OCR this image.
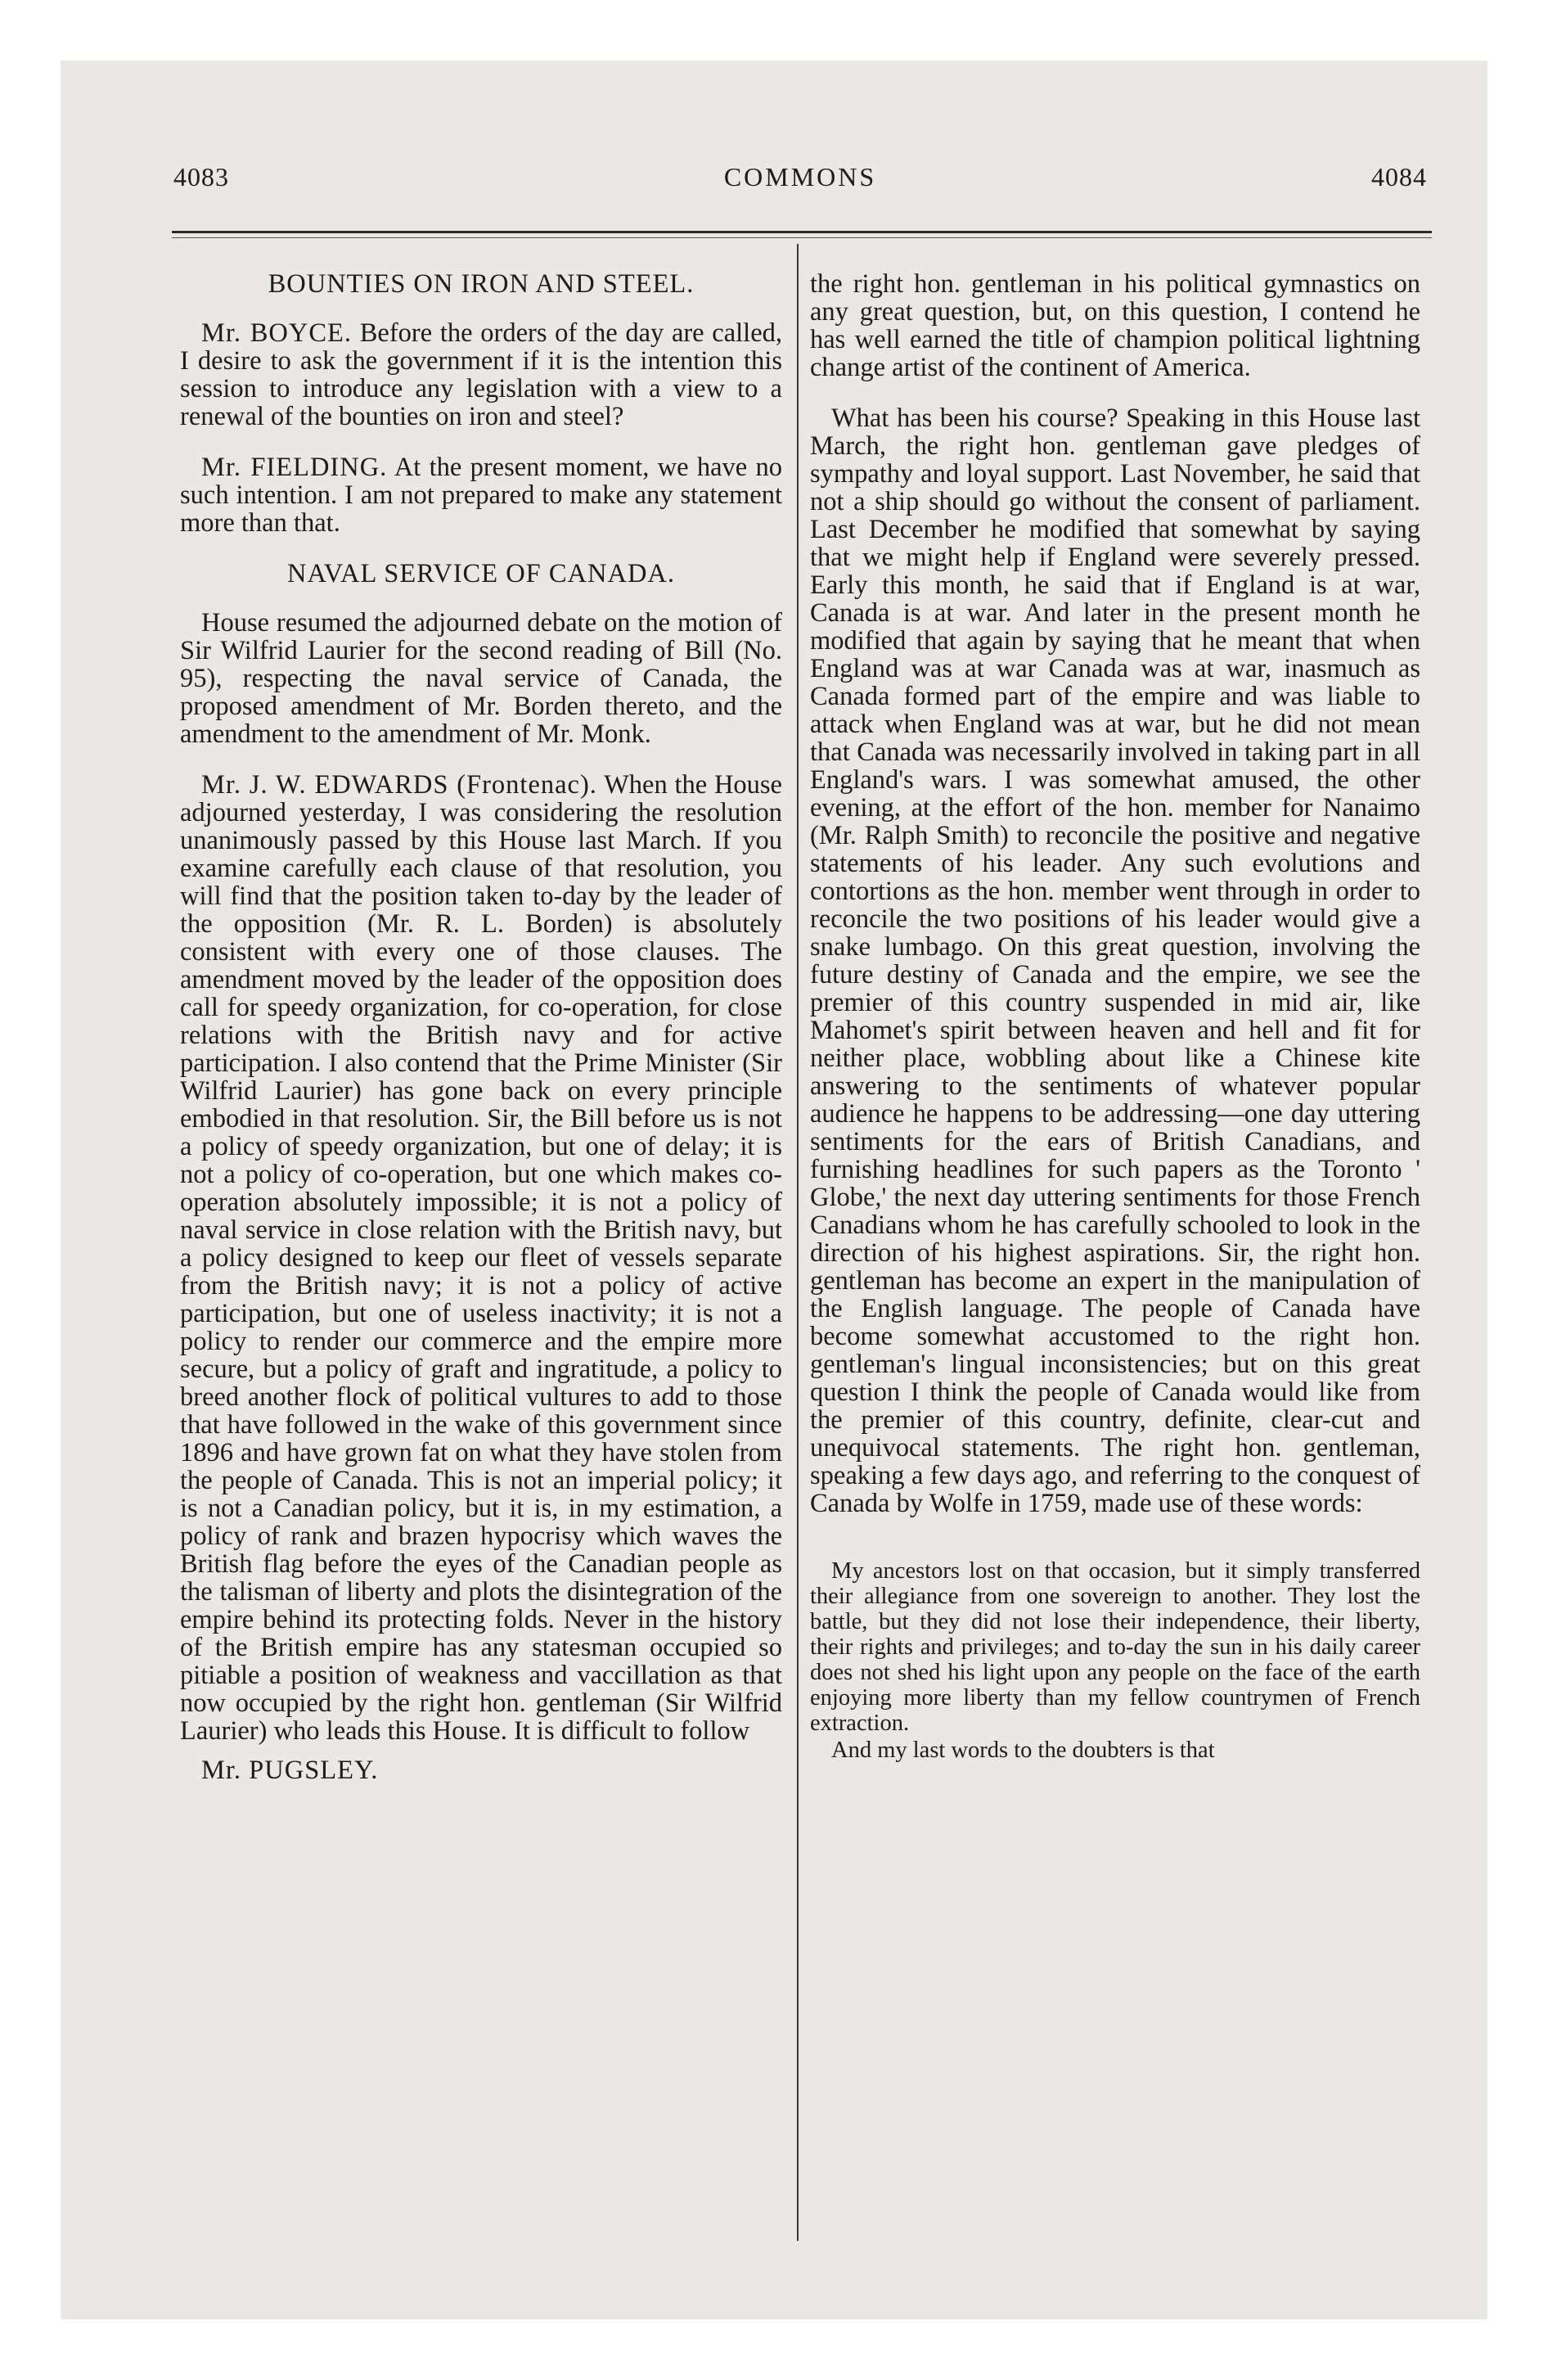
4083	COMMONS	4084
BOUNTIES ON IRON AND STEEL.

Mr. BOYCE. Before the orders of the day are called, I desire to ask the government if it is the intention this session to introduce any legislation with a view to a renewal of the bounties on iron and steel?

Mr. FIELDING. At the present moment, we have no such intention. I am not prepared to make any statement more than that.

NAVAL SERVICE OF CANADA.

House resumed the adjourned debate on the motion of Sir Wilfrid Laurier for the second reading of Bill (No. 95), respecting the naval service of Canada, the proposed amendment of Mr. Borden thereto, and the amendment to the amendment of Mr. Monk.

Mr. J. W. EDWARDS (Frontenac). When the House adjourned yesterday, I was considering the resolution unanimously passed by this House last March. If you examine carefully each clause of that resolution, you will find that the position taken to-day by the leader of the opposition (Mr. R. L. Borden) is absolutely consistent with every one of those clauses. The amendment moved by the leader of the opposition does call for speedy organization, for co-operation, for close relations with the British navy and for active participation. I also contend that the Prime Minister (Sir Wilfrid Laurier) has gone back on every principle embodied in that resolution. Sir, the Bill before us is not a policy of speedy organization, but one of delay; it is not a policy of co-operation, but one which makes co-operation absolutely impossible; it is not a policy of naval service in close relation with the British navy, but a policy designed to keep our fleet of vessels separate from the British navy; it is not a policy of active participation, but one of useless inactivity; it is not a policy to render our commerce and the empire more secure, but a policy of graft and ingratitude, a policy to breed another flock of political vultures to add to those that have followed in the wake of this government since 1896 and have grown fat on what they have stolen from the people of Canada. This is not an imperial policy; it is not a Canadian policy, but it is, in my estimation, a policy of rank and brazen hypocrisy which waves the British flag before the eyes of the Canadian people as the talisman of liberty and plots the disintegration of the empire behind its protecting folds. Never in the history of the British empire has any statesman occupied so pitiable a position of weakness and vaccillation as that now occupied by the right hon. gentleman (Sir Wilfrid Laurier) who leads this House. It is difficult to follow

Mr. PUGSLEY.

the right hon. gentleman in his political gymnastics on any great question, but, on this question, I contend he has well earned the title of champion political lightning change artist of the continent of America.

What has been his course? Speaking in this House last March, the right hon. gentleman gave pledges of sympathy and loyal support. Last November, he said that not a ship should go without the consent of parliament. Last December he modified that somewhat by saying that we might help if England were severely pressed. Early this month, he said that if England is at war, Canada is at war. And later in the present month he modified that again by saying that he meant that when England was at war Canada was at war, inasmuch as Canada formed part of the empire and was liable to attack when England was at war, but he did not mean that Canada was necessarily involved in taking part in all England's wars. I was somewhat amused, the other evening, at the effort of the hon. member for Nanaimo (Mr. Ralph Smith) to reconcile the positive and negative statements of his leader. Any such evolutions and contortions as the hon. member went through in order to reconcile the two positions of his leader would give a snake lumbago. On this great question, involving the future destiny of Canada and the empire, we see the premier of this country suspended in mid air, like Mahomet's spirit between heaven and hell and fit for neither place, wobbling about like a Chinese kite answering to the sentiments of whatever popular audience he happens to be addressing—one day uttering sentiments for the ears of British Canadians, and furnishing headlines for such papers as the Toronto ' Globe,' the next day uttering sentiments for those French Canadians whom he has carefully schooled to look in the direction of his highest aspirations. Sir, the right hon. gentleman has become an expert in the manipulation of the English language. The people of Canada have become somewhat accustomed to the right hon. gentleman's lingual inconsistencies; but on this great question I think the people of Canada would like from the premier of this country, definite, clear-cut and unequivocal statements. The right hon. gentleman, speaking a few days ago, and referring to the conquest of Canada by Wolfe in 1759, made use of these words:

My ancestors lost on that occasion, but it simply transferred their allegiance from one sovereign to another. They lost the battle, but they did not lose their independence, their liberty, their rights and privileges; and to-day the sun in his daily career does not shed his light upon any people on the face of the earth enjoying more liberty than my fellow countrymen of French extraction.

And my last words to the doubters is that
